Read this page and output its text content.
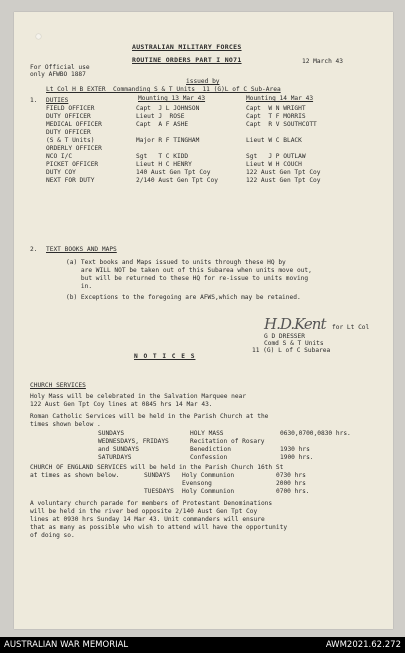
AUSTRALIAN MILITARY FORCES
ROUTINE ORDERS PART I NO71	12 March 43
For Official use
only AFWBO 1887
issued by
Lt Col H B EXTER  Commanding S & T Units  11 (G)L of C Sub-Area
1. DUTIES	Mounting 13 Mar 43	Mounting 14 Mar 43
FIELD OFFICER	Capt  J L JOHNSON	Capt  W N WRIGHT
DUTY OFFICER	Lieut J  ROSE	Capt  T F MORRIS
MEDICAL OFFICER	Capt  A F ASHE	Capt  R V SOUTHCOTT
DUTY OFFICER
(S & T Units)	Major R F TINGHAM	Lieut W C BLACK
ORDERLY OFFICER
NCO I/C	Sgt   T C KIDD	Sgt   J P OUTLAW
PICKET OFFICER	Lieut H C HENRY	Lieut W H COUCH
DUTY COY	140 Aust Gen Tpt Coy	122 Aust Gen Tpt Coy
NEXT FOR DUTY	2/140 Aust Gen Tpt Coy	122 Aust Gen Tpt Coy
2. TEXT BOOKS AND MAPS
(a) Text books and Maps issued to units through these HQ by
are WILL NOT be taken out of this Subarea when units move out,
but will be returned to these HQ for re-issue to units moving
in.
(b) Exceptions to the foregoing are AFWS,which may be retained.
H.D.Kent for Lt Col
G D DRESSER
Comd S & T Units
11 (G) L of C Subarea
N O T I C E S
CHURCH SERVICES
Holy Mass will be celebrated in the Salvation Marquee near
122 Aust Gen Tpt Coy lines at 0845 hrs 14 Mar 43.
Roman Catholic Services will be held in the Parish Church at the
times shown below .
SUNDAYS	HOLY MASS	0630,0700,0830 hrs.
WEDNESDAYS, FRIDAYS	Recitation of Rosary
and SUNDAYS	Benediction	1930 hrs
SATURDAYS	Confession	1900 hrs.
CHURCH OF ENGLAND SERVICES will be held in the Parish Church 16th St
at times as shown below.	SUNDAYS Holy Communion	0730 hrs
Evensong	2000 hrs
TUESDAYS Holy Communion	0700 hrs.
A voluntary church parade for members of Protestant Denominations
will be held in the river bed opposite 2/140 Aust Gen Tpt Coy
lines at 0930 hrs Sunday 14 Mar 43. Unit commanders will ensure
that as many as possible who wish to attend will have the opportunity
of doing so.
AUSTRALIAN WAR MEMORIAL	AWM2021.62.272
